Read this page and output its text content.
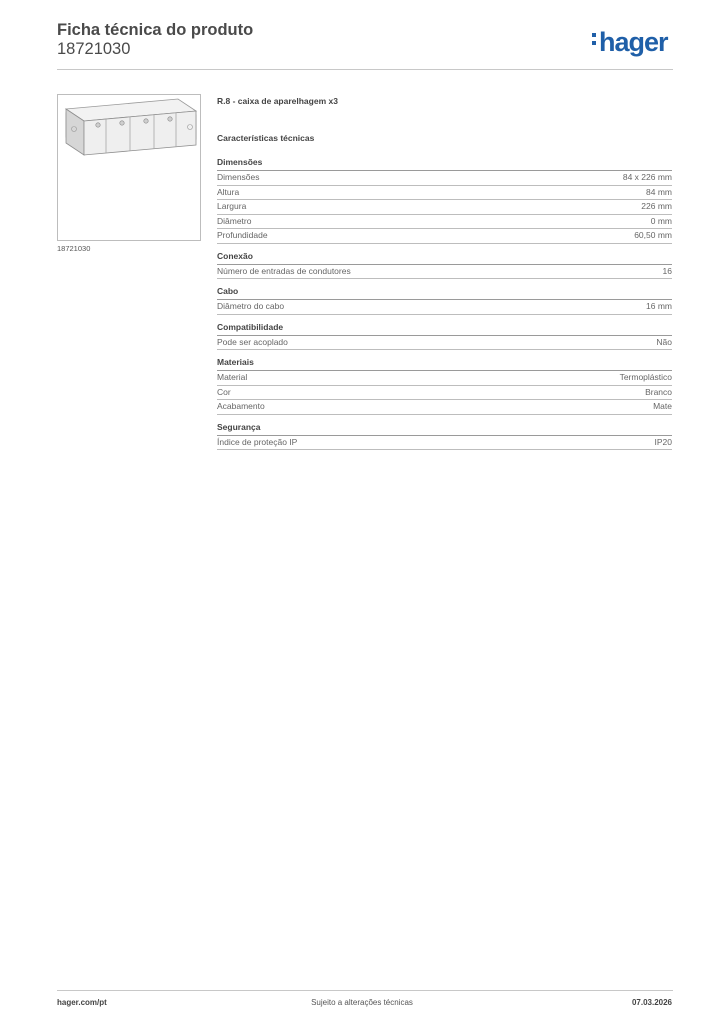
Ficha técnica do produto
18721030	hager
18721030
R.8 - caixa de aparelhagem x3
Características técnicas
Dimensões
Dimensões	84 x 226 mm
Altura	84 mm
Largura	226 mm
Diâmetro	0 mm
Profundidade	60,50 mm
Conexão
Número de entradas de condutores	16
Cabo
Diâmetro do cabo	16 mm
Compatibilidade
Pode ser acoplado	Não
Materiais
Material	Termoplástico
Cor	Branco
Acabamento	Mate
Segurança
Índice de proteção IP	IP20
hager.com/pt	Sujeito a alterações técnicas	07.03.2026
